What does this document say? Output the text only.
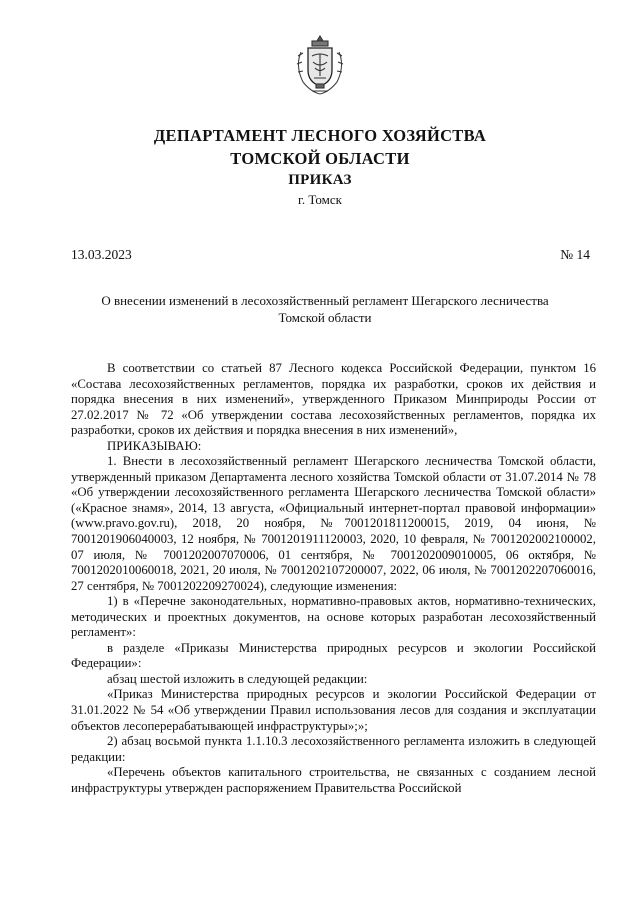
ДЕПАРТАМЕНТ ЛЕСНОГО ХОЗЯЙСТВА
ТОМСКОЙ ОБЛАСТИ
ПРИКАЗ
г. Томск
13.03.2023	№ 14
О внесении изменений в лесохозяйственный регламент Шегарского лесничества
Томской области

В соответствии со статьей 87 Лесного кодекса Российской Федерации, пунктом 16 «Состава лесохозяйственных регламентов, порядка их разработки, сроков их действия и порядка внесения в них изменений», утвержденного Приказом Минприроды России от 27.02.2017 № 72 «Об утверждении состава лесохозяйственных регламентов, порядка их разработки, сроков их действия и порядка внесения в них изменений»,

ПРИКАЗЫВАЮ:

1. Внести в лесохозяйственный регламент Шегарского лесничества Томской области, утвержденный приказом Департамента лесного хозяйства Томской области от 31.07.2014 № 78 «Об утверждении лесохозяйственного регламента Шегарского лесничества Томской области» («Красное знамя», 2014, 13 августа, «Официальный интернет-портал правовой информации» (www.pravo.gov.ru), 2018, 20 ноября, №7001201811200015, 2019, 04 июня, № 7001201906040003, 12 ноября, № 7001201911120003, 2020, 10 февраля, № 7001202002100002, 07 июля, № 7001202007070006, 01 сентября, № 7001202009010005, 06 октября, № 7001202010060018, 2021, 20 июля, № 7001202107200007, 2022, 06 июля, № 7001202207060016, 27 сентября, № 7001202209270024), следующие изменения:

1) в «Перечне законодательных, нормативно-правовых актов, нормативно-технических, методических и проектных документов, на основе которых разработан лесохозяйственный регламент»:

в разделе «Приказы Министерства природных ресурсов и экологии Российской Федерации»:

абзац шестой изложить в следующей редакции:

«Приказ Министерства природных ресурсов и экологии Российской Федерации от 31.01.2022 № 54 «Об утверждении Правил использования лесов для создания и эксплуатации объектов лесоперерабатывающей инфраструктуры»;»;

2) абзац восьмой пункта 1.1.10.3 лесохозяйственного регламента изложить в следующей редакции:

«Перечень объектов капитального строительства, не связанных с созданием лесной инфраструктуры утвержден распоряжением Правительства Российской
